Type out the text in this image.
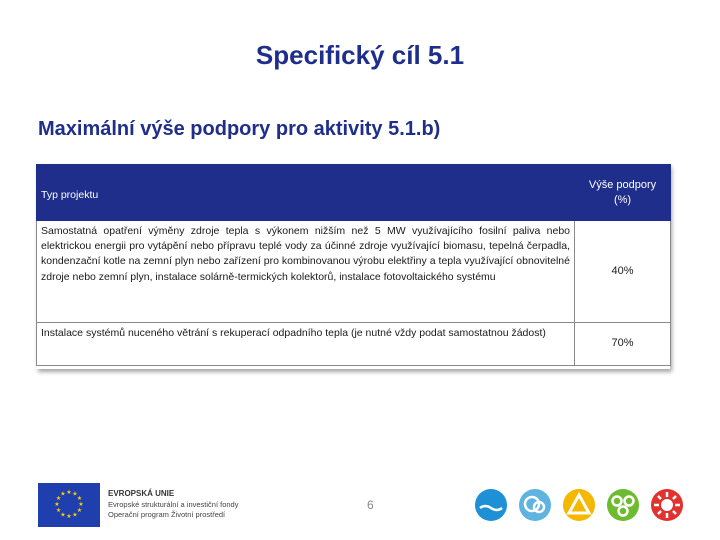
Specifický cíl 5.1
Maximální výše podpory pro aktivity 5.1.b)
Typ projektu	Výše podpory (%)
Samostatná opatření výměny zdroje tepla s výkonem nižším než 5 MW využívajícího fosilní paliva nebo elektrickou energii pro vytápění nebo přípravu teplé vody za účinné zdroje využívající biomasu, tepelná čerpadla, kondenzační kotle na zemní plyn nebo zařízení pro kombinovanou výrobu elektřiny a tepla využívající obnovitelné zdroje nebo zemní plyn, instalace solárně-termických kolektorů, instalace fotovoltaického systému	40%
Instalace systémů nuceného větrání s rekuperací odpadního tepla (je nutné vždy podat samostatnou žádost)	70%
★ ★
★
★
★
★
★
★
★
★
★
★	EVROPSKÁ UNIE
Evropské strukturální a investiční fondy
Operační program Životní prostředí
6
